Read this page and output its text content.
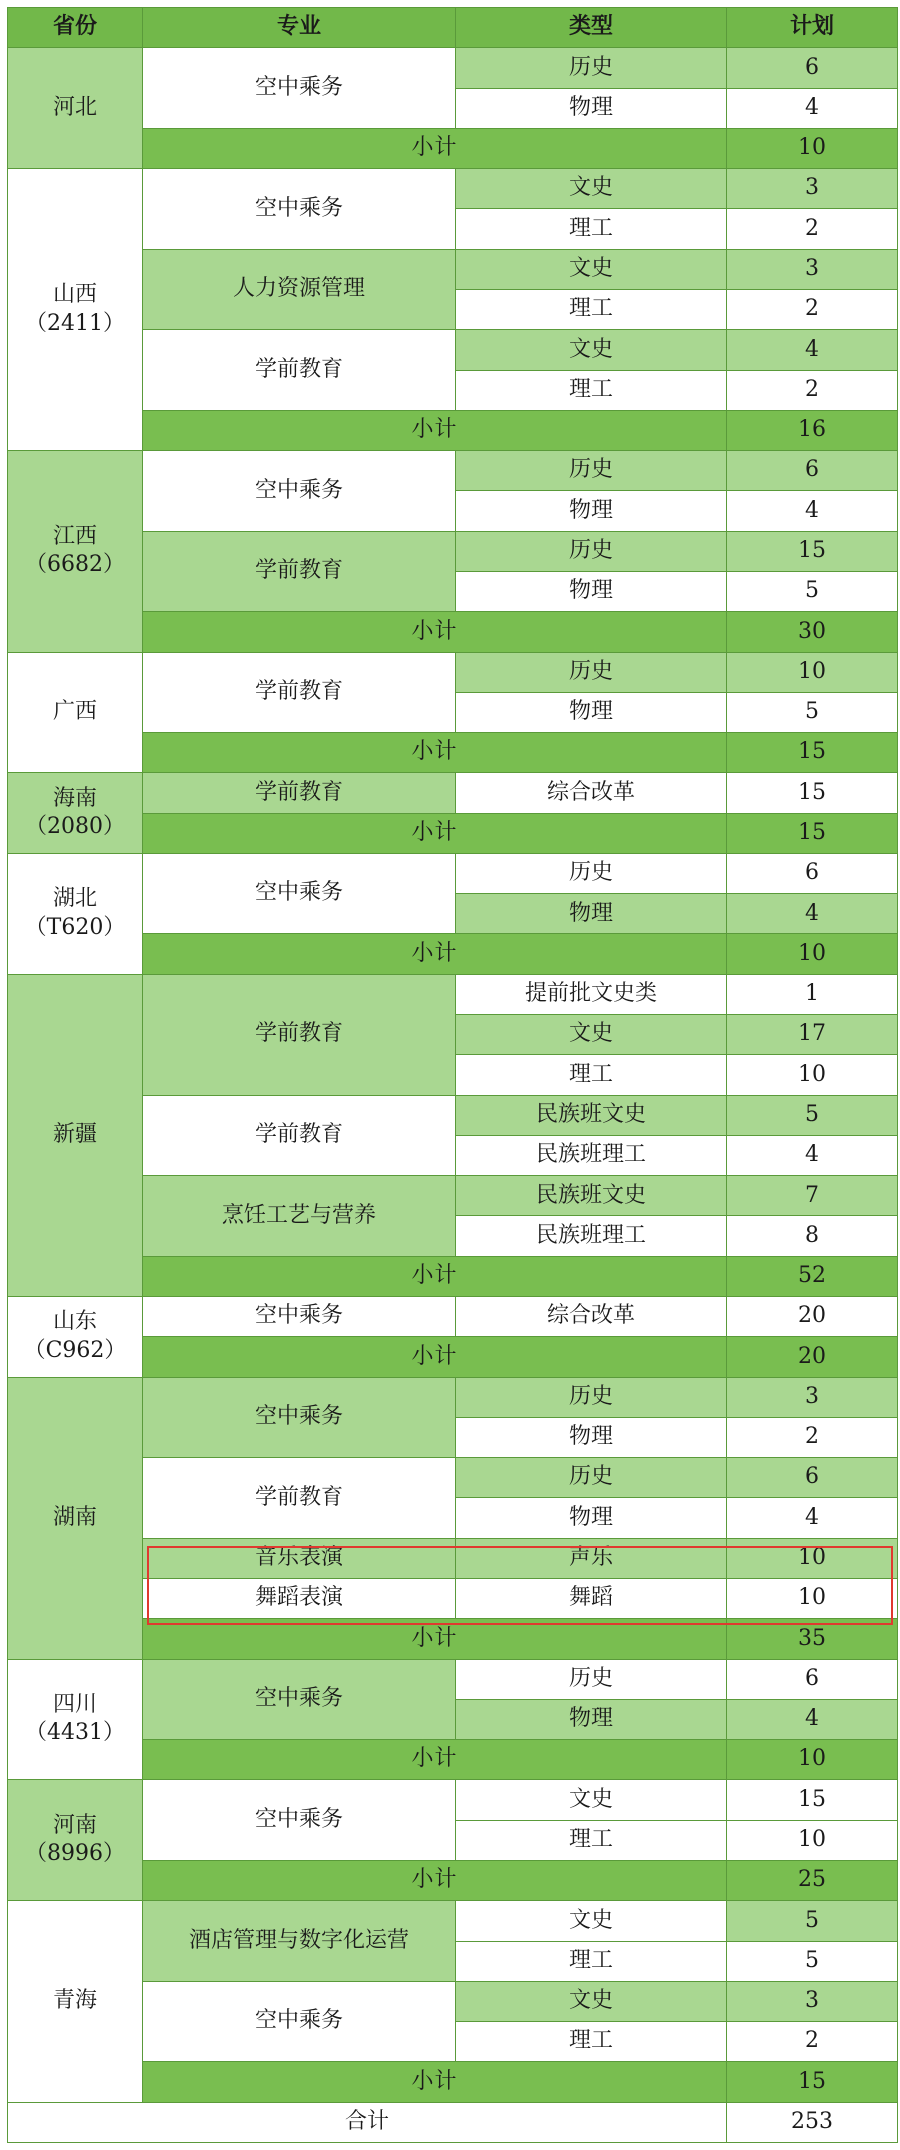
省份	专业	类型	计划
河北	空中乘务	历史	6
		物理	4
	小计		10
山西
（2411）	空中乘务	文史	3
		理工	2
	人力资源管理	文史	3
		理工	2
	学前教育	文史	4
		理工	2
	小计		16
江西
（6682）	空中乘务	历史	6
		物理	4
	学前教育	历史	15
		物理	5
	小计		30
广西	学前教育	历史	10
		物理	5
	小计		15
海南
（2080）	学前教育	综合改革	15
	小计		15
湖北
（T620）	空中乘务	历史	6
		物理	4
	小计		10
新疆	学前教育	提前批文史类	1
		文史	17
		理工	10
	学前教育	民族班文史	5
		民族班理工	4
	烹饪工艺与营养	民族班文史	7
		民族班理工	8
	小计		52
山东
（C962）	空中乘务	综合改革	20
	小计		20
湖南	空中乘务	历史	3
		物理	2
	学前教育	历史	6
		物理	4
	音乐表演	声乐	10
	舞蹈表演	舞蹈	10
	小计		35
四川
（4431）	空中乘务	历史	6
		物理	4
	小计		10
河南
（8996）	空中乘务	文史	15
		理工	10
	小计		25
青海	酒店管理与数字化运营	文史	5
		理工	5
	空中乘务	文史	3
		理工	2
	小计		15
合计			253
